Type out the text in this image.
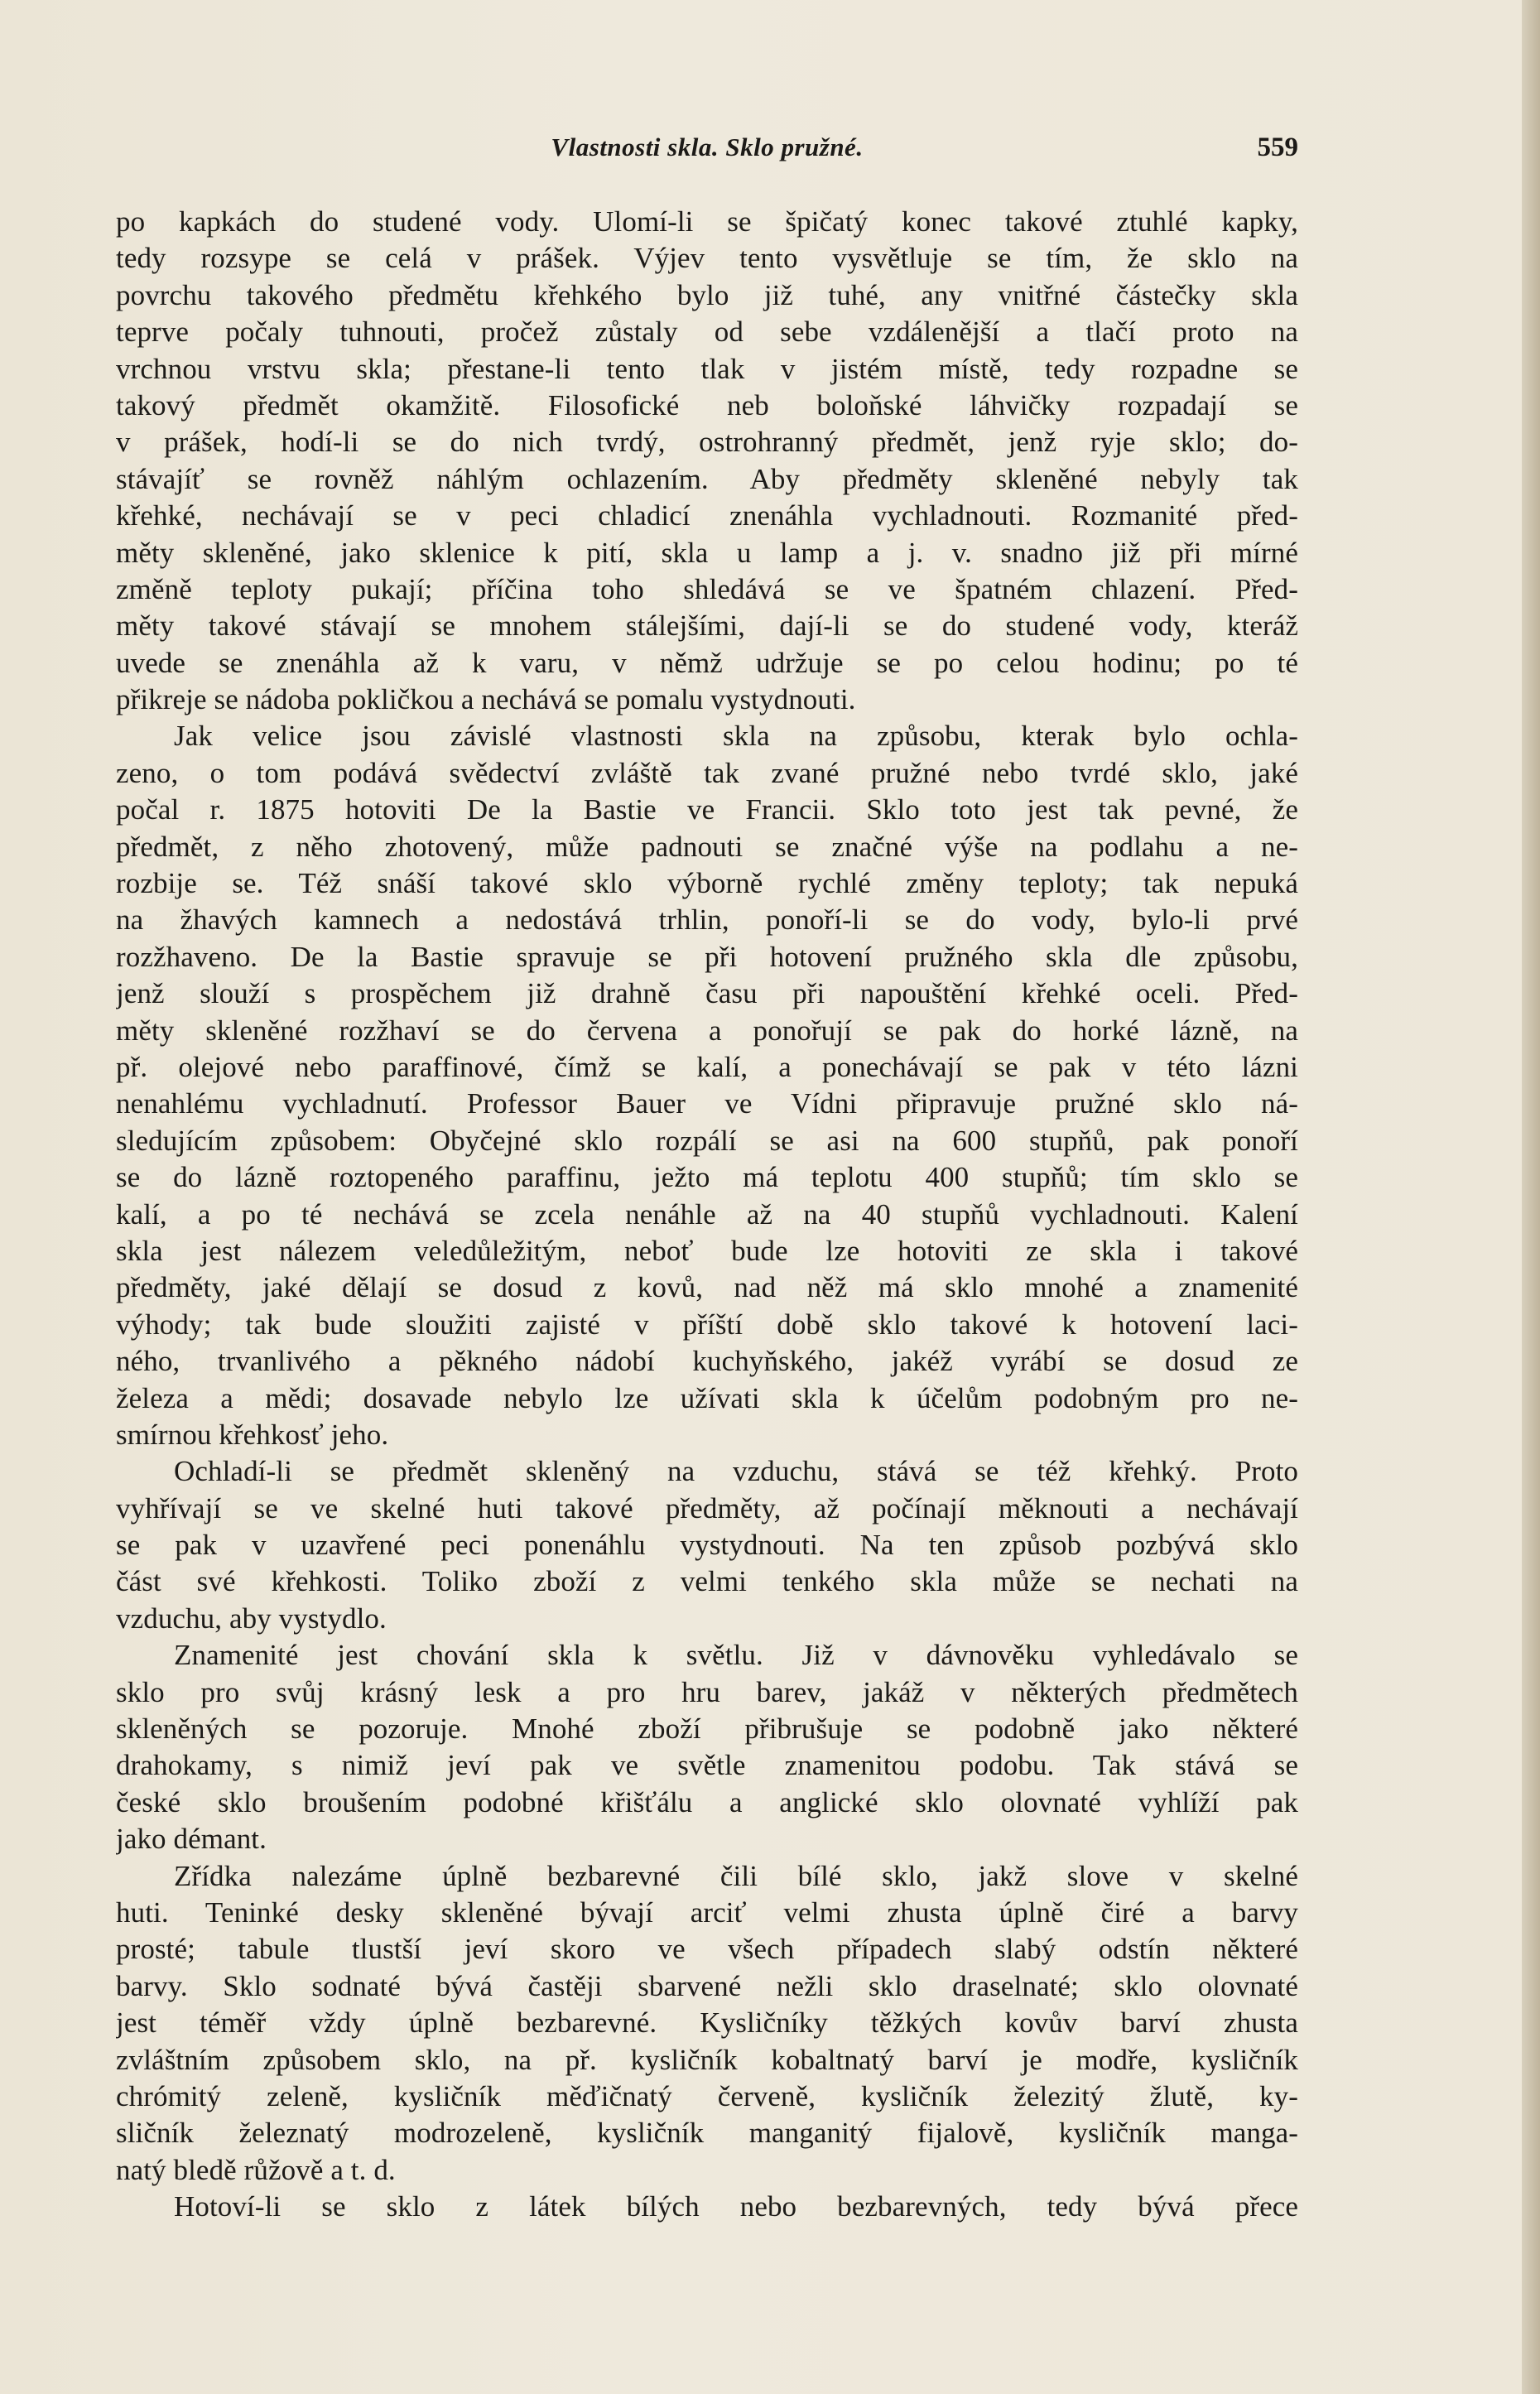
Vlastnosti skla. Sklo pružné.	559
po kapkách do studené vody. Ulomí-li se špičatý konec takové ztuhlé kapky,
tedy rozsype se celá v prášek. Výjev tento vysvětluje se tím, že sklo na
povrchu takového předmětu křehkého bylo již tuhé, any vnitřné částečky skla
teprve počaly tuhnouti, pročež zůstaly od sebe vzdálenější a tlačí proto na
vrchnou vrstvu skla; přestane-li tento tlak v jistém místě, tedy rozpadne se
takový předmět okamžitě. Filosofické neb boloňské láhvičky rozpadají se
v prášek, hodí-li se do nich tvrdý, ostrohranný předmět, jenž ryje sklo; do-
stávajíť se rovněž náhlým ochlazením. Aby předměty skleněné nebyly tak
křehké, nechávají se v peci chladicí znenáhla vychladnouti. Rozmanité před-
měty skleněné, jako sklenice k pití, skla u lamp a j. v. snadno již při mírné
změně teploty pukají; příčina toho shledává se ve špatném chlazení. Před-
měty takové stávají se mnohem stálejšími, dají-li se do studené vody, kteráž
uvede se znenáhla až k varu, v němž udržuje se po celou hodinu; po té
přikreje se nádoba pokličkou a nechává se pomalu vystydnouti.
Jak velice jsou závislé vlastnosti skla na způsobu, kterak bylo ochla-
zeno, o tom podává svědectví zvláště tak zvané pružné nebo tvrdé sklo, jaké
počal r. 1875 hotoviti De la Bastie ve Francii. Sklo toto jest tak pevné, že
předmět, z něho zhotovený, může padnouti se značné výše na podlahu a ne-
rozbije se. Též snáší takové sklo výborně rychlé změny teploty; tak nepuká
na žhavých kamnech a nedostává trhlin, ponoří-li se do vody, bylo-li prvé
rozžhaveno. De la Bastie spravuje se při hotovení pružného skla dle způsobu,
jenž slouží s prospěchem již drahně času při napouštění křehké oceli. Před-
měty skleněné rozžhaví se do červena a ponořují se pak do horké lázně, na
př. olejové nebo paraffinové, čímž se kalí, a ponechávají se pak v této lázni
nenahlému vychladnutí. Professor Bauer ve Vídni připravuje pružné sklo ná-
sledujícím způsobem: Obyčejné sklo rozpálí se asi na 600 stupňů, pak ponoří
se do lázně roztopeného paraffinu, ježto má teplotu 400 stupňů; tím sklo se
kalí, a po té nechává se zcela nenáhle až na 40 stupňů vychladnouti. Kalení
skla jest nálezem veledůležitým, neboť bude lze hotoviti ze skla i takové
předměty, jaké dělají se dosud z kovů, nad něž má sklo mnohé a znamenité
výhody; tak bude sloužiti zajisté v příští době sklo takové k hotovení laci-
ného, trvanlivého a pěkného nádobí kuchyňského, jakéž vyrábí se dosud ze
železa a mědi; dosavade nebylo lze užívati skla k účelům podobným pro ne-
smírnou křehkosť jeho.
Ochladí-li se předmět skleněný na vzduchu, stává se též křehký. Proto
vyhřívají se ve skelné huti takové předměty, až počínají měknouti a nechávají
se pak v uzavřené peci ponenáhlu vystydnouti. Na ten způsob pozbývá sklo
část své křehkosti. Toliko zboží z velmi tenkého skla může se nechati na
vzduchu, aby vystydlo.
Znamenité jest chování skla k světlu. Již v dávnověku vyhledávalo se
sklo pro svůj krásný lesk a pro hru barev, jakáž v některých předmětech
skleněných se pozoruje. Mnohé zboží přibrušuje se podobně jako některé
drahokamy, s nimiž jeví pak ve světle znamenitou podobu. Tak stává se
české sklo broušením podobné křišťálu a anglické sklo olovnaté vyhlíží pak
jako démant.
Zřídka nalezáme úplně bezbarevné čili bílé sklo, jakž slove v skelné
huti. Teninké desky skleněné bývají arciť velmi zhusta úplně čiré a barvy
prosté; tabule tlustší jeví skoro ve všech případech slabý odstín některé
barvy. Sklo sodnaté bývá častěji sbarvené nežli sklo draselnaté; sklo olovnaté
jest téměř vždy úplně bezbarevné. Kysličníky těžkých kovův barví zhusta
zvláštním způsobem sklo, na př. kysličník kobaltnatý barví je modře, kysličník
chrómitý zeleně, kysličník měďičnatý červeně, kysličník železitý žlutě, ky-
sličník železnatý modrozeleně, kysličník manganitý fijalově, kysličník manga-
natý bledě růžově a t. d.
Hotoví-li se sklo z látek bílých nebo bezbarevných, tedy bývá přece
